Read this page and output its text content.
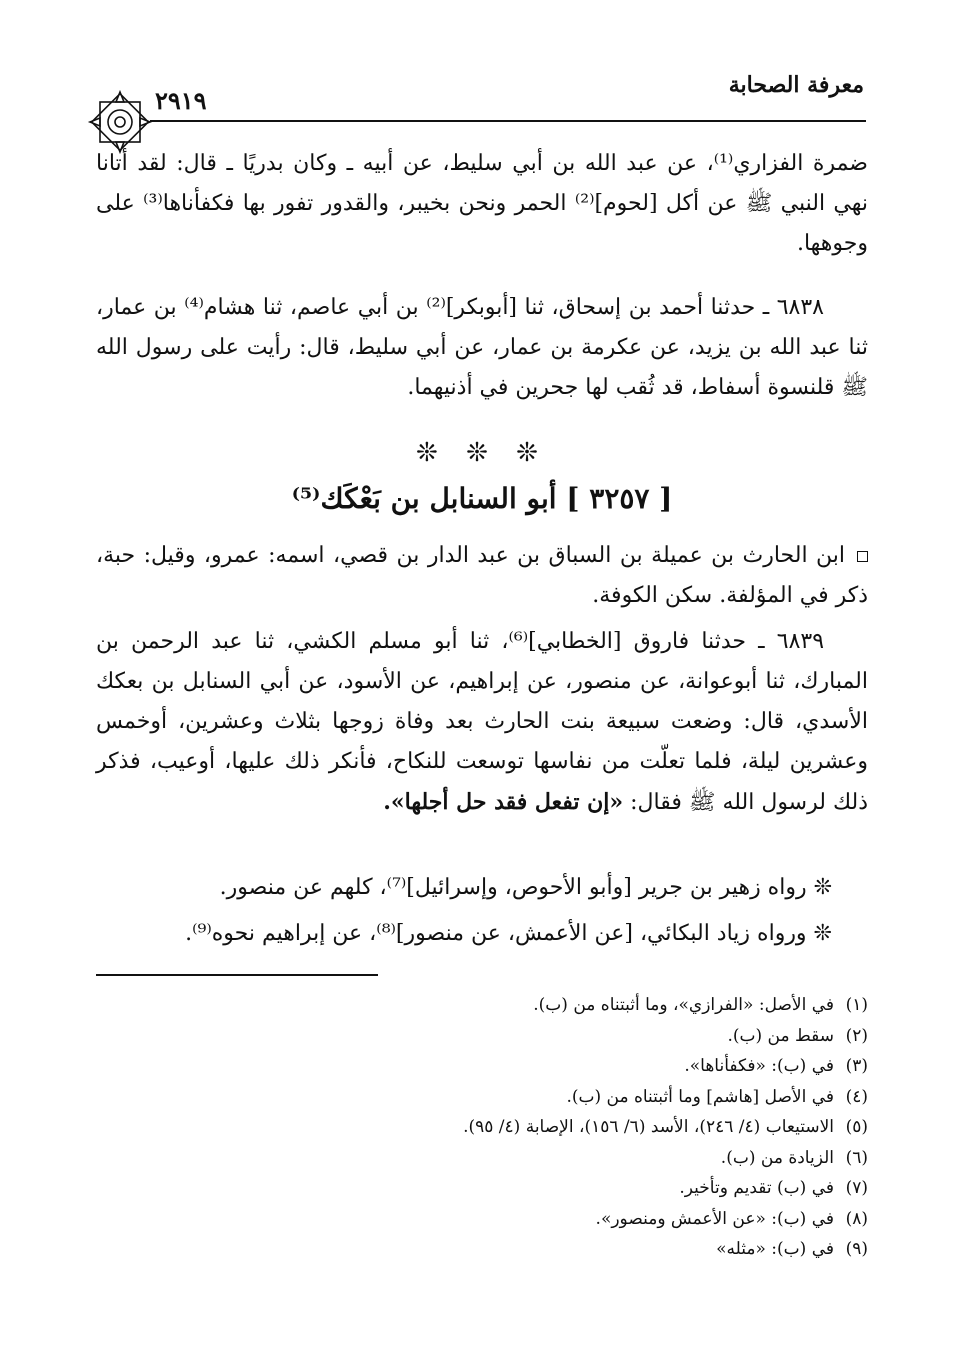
معرفة الصحابة
٢٩١٩
ضمرة الفزاري⁽¹⁾، عن عبد الله بن أبي سليط، عن أبيه ـ وكان بدريًا ـ قال: لقد أتانا نهي النبي ﷺ عن أكل [لحوم]⁽²⁾ الحمر ونحن بخيبر، والقدور تفور بها فكفأناها⁽³⁾ على وجوهها.
٦٨٣٨ ـ حدثنا أحمد بن إسحاق، ثنا [أبوبكر]⁽²⁾ بن أبي عاصم، ثنا هشام⁽⁴⁾ بن عمار، ثنا عبد الله بن يزيد، عن عكرمة بن عمار، عن أبي سليط، قال: رأيت على رسول الله ﷺ قلنسوة أسفاط، قد ثُقب لها جحرين في أذنيهما.
❊ ❊ ❊
[ ٣٢٥٧ ] أبو السنابل بن بَعْكَك⁽⁵⁾
ابن الحارث بن عميلة بن السباق بن عبد الدار بن قصي، اسمه: عمرو، وقيل: حبة، ذكر في المؤلفة. سكن الكوفة.
٦٨٣٩ ـ حدثنا فاروق [الخطابي]⁽⁶⁾، ثنا أبو مسلم الكشي، ثنا عبد الرحمن بن المبارك، ثنا أبوعوانة، عن منصور، عن إبراهيم، عن الأسود، عن أبي السنابل بن بعكك الأسدي، قال: وضعت سبيعة بنت الحارث بعد وفاة زوجها بثلاث وعشرين، أوخمس وعشرين ليلة، فلما تعلّت من نفاسها توسعت للنكاح، فأنكر ذلك عليها، أوعيب، فذكر ذلك لرسول الله ﷺ فقال: «إن تفعل فقد حل أجلها».
❊ رواه زهير بن جرير [وأبو الأحوص، وإسرائيل]⁽⁷⁾، كلهم عن منصور.
❊ ورواه زياد البكائي، [عن الأعمش، عن منصور]⁽⁸⁾، عن إبراهيم نحوه⁽⁹⁾.
(١)في الأصل: «الفرازي»، وما أثبتناه من (ب).
(٢)سقط من (ب).
(٣)في (ب): «فكفأناها».
(٤)في الأصل [هاشم] وما أثبتناه من (ب).
(٥)الاستيعاب (٤/ ٢٤٦)، الأسد (٦/ ١٥٦)، الإصابة (٤/ ٩٥).
(٦)الزيادة من (ب).
(٧)في (ب) تقديم وتأخير.
(٨)في (ب): «عن الأعمش ومنصور».
(٩)في (ب): «مثله»
